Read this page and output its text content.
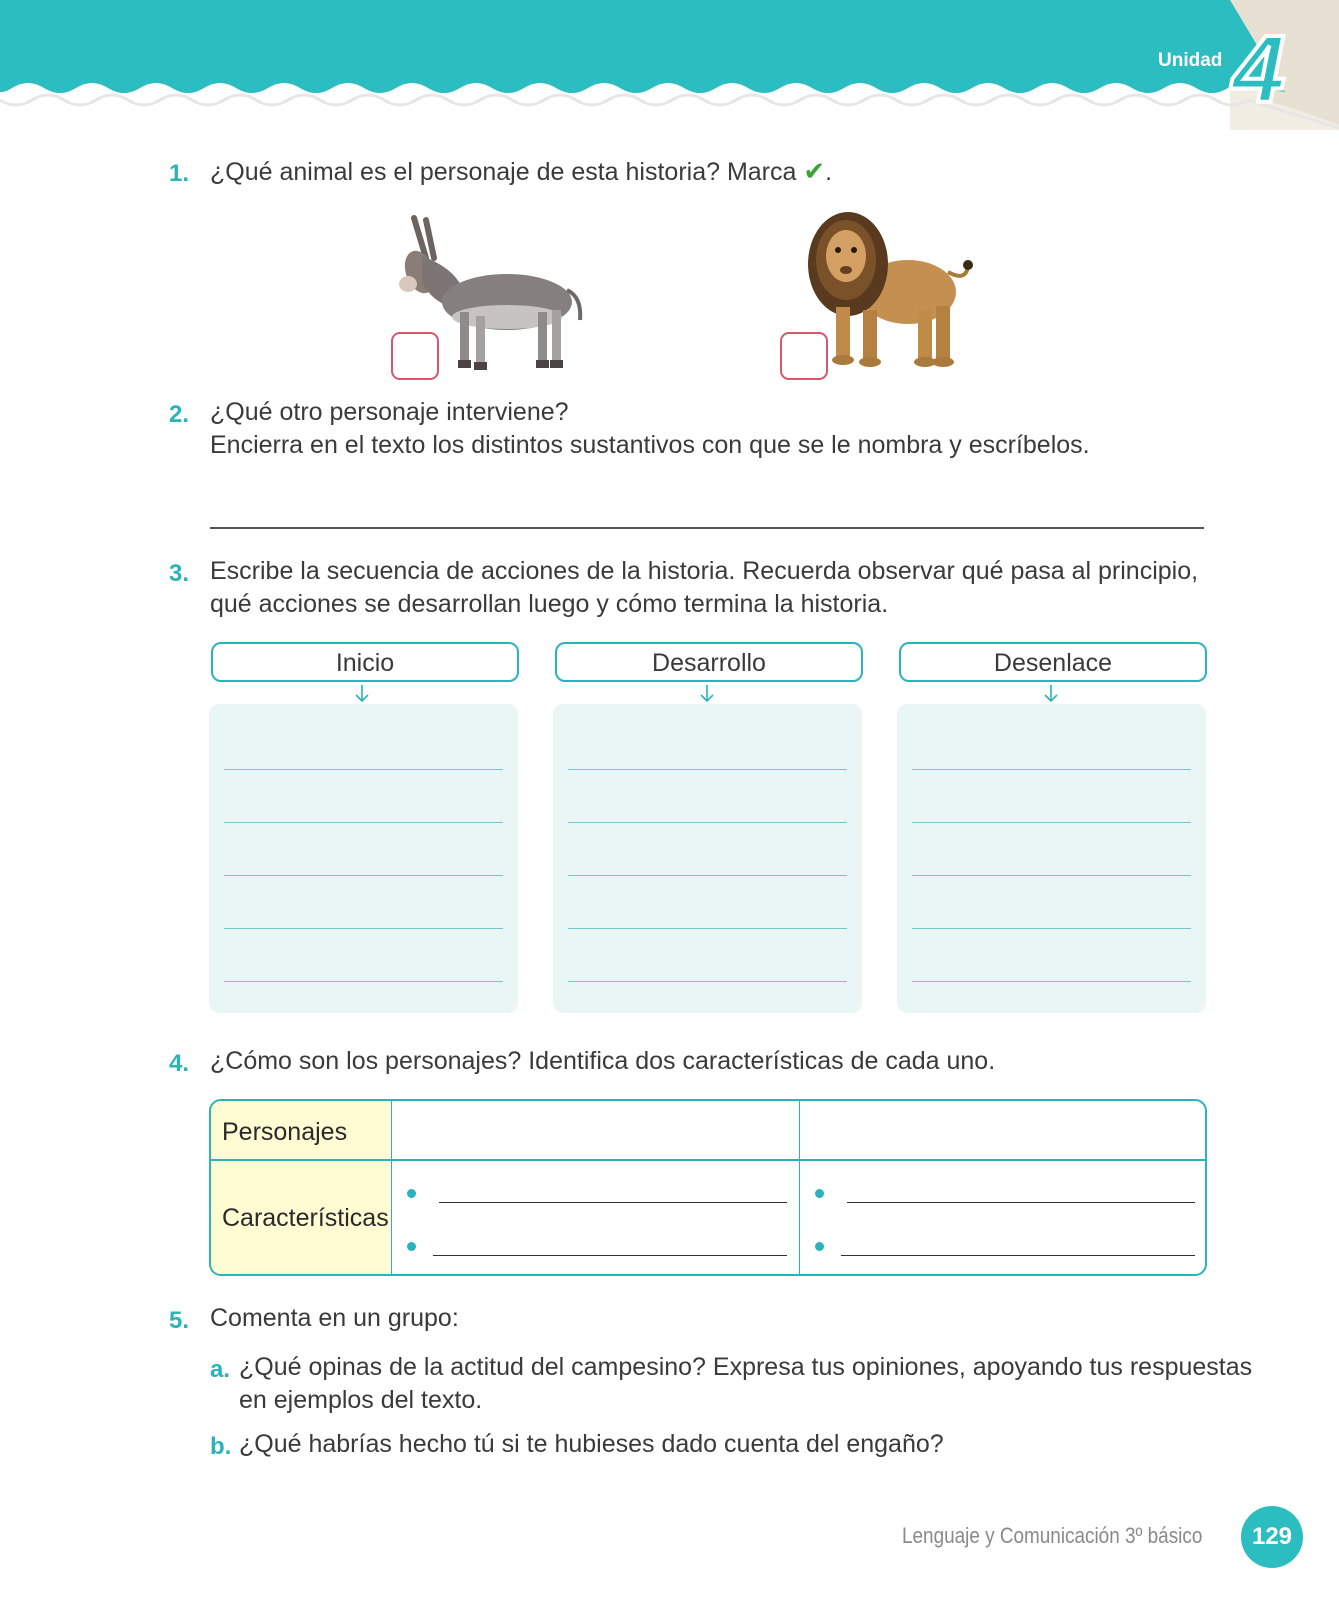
Unidad 4
1. ¿Qué animal es el personaje de esta historia? Marca ✔.
2. ¿Qué otro personaje interviene?
Encierra en el texto los distintos sustantivos con que se le nombra y escríbelos.
3. Escribe la secuencia de acciones de la historia. Recuerda observar qué pasa al principio,
qué acciones se desarrollan luego y cómo termina la historia.
Inicio	Desarrollo	Desenlace
4. ¿Cómo son los personajes? Identifica dos características de cada uno.
Personajes
Características
5. Comenta en un grupo:
a. ¿Qué opinas de la actitud del campesino? Expresa tus opiniones, apoyando tus respuestas
en ejemplos del texto.
b. ¿Qué habrías hecho tú si te hubieses dado cuenta del engaño?
Lenguaje y Comunicación 3º básico	129
